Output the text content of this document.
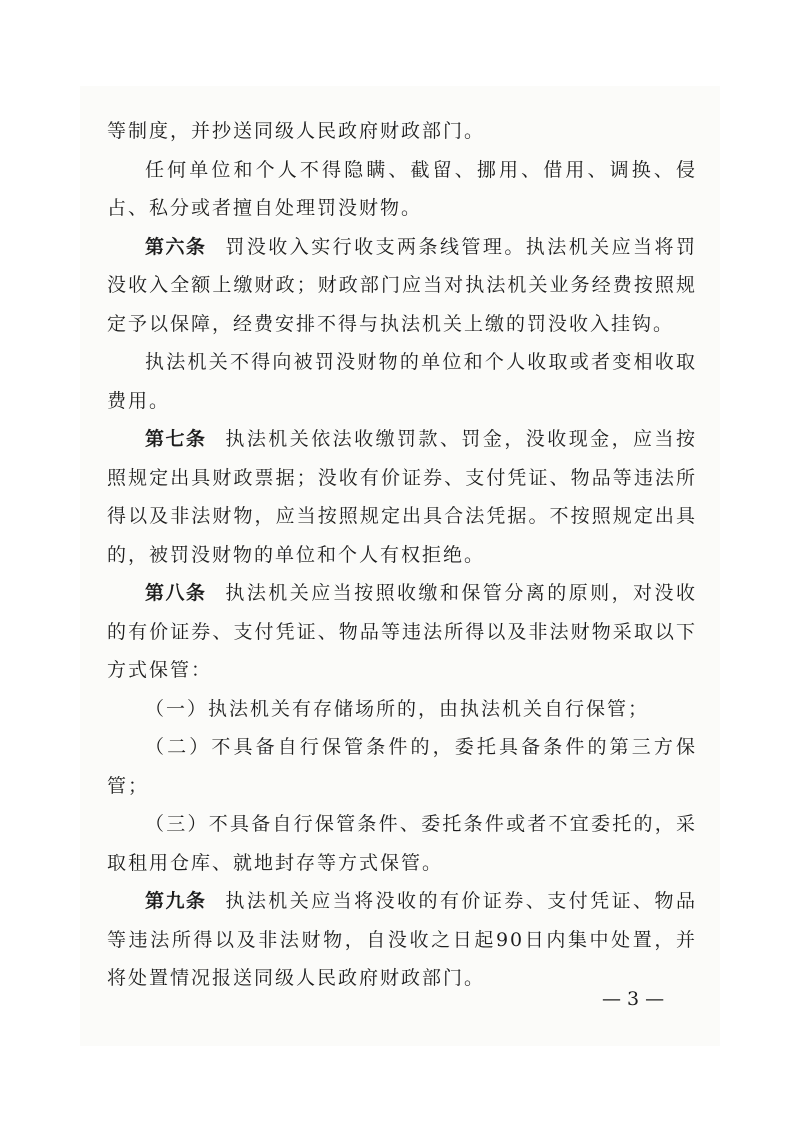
等制度，并抄送同级人民政府财政部门。

任何单位和个人不得隐瞒、截留、挪用、借用、调换、侵占、私分或者擅自处理罚没财物。

第六条 罚没收入实行收支两条线管理。执法机关应当将罚没收入全额上缴财政；财政部门应当对执法机关业务经费按照规定予以保障，经费安排不得与执法机关上缴的罚没收入挂钩。

执法机关不得向被罚没财物的单位和个人收取或者变相收取费用。

第七条 执法机关依法收缴罚款、罚金，没收现金，应当按照规定出具财政票据；没收有价证券、支付凭证、物品等违法所得以及非法财物，应当按照规定出具合法凭据。不按照规定出具的，被罚没财物的单位和个人有权拒绝。

第八条 执法机关应当按照收缴和保管分离的原则，对没收的有价证券、支付凭证、物品等违法所得以及非法财物采取以下方式保管：

（一）执法机关有存储场所的，由执法机关自行保管；

（二）不具备自行保管条件的，委托具备条件的第三方保管；

（三）不具备自行保管条件、委托条件或者不宜委托的，采取租用仓库、就地封存等方式保管。

第九条 执法机关应当将没收的有价证券、支付凭证、物品等违法所得以及非法财物，自没收之日起90日内集中处置，并将处置情况报送同级人民政府财政部门。

— 3 —
